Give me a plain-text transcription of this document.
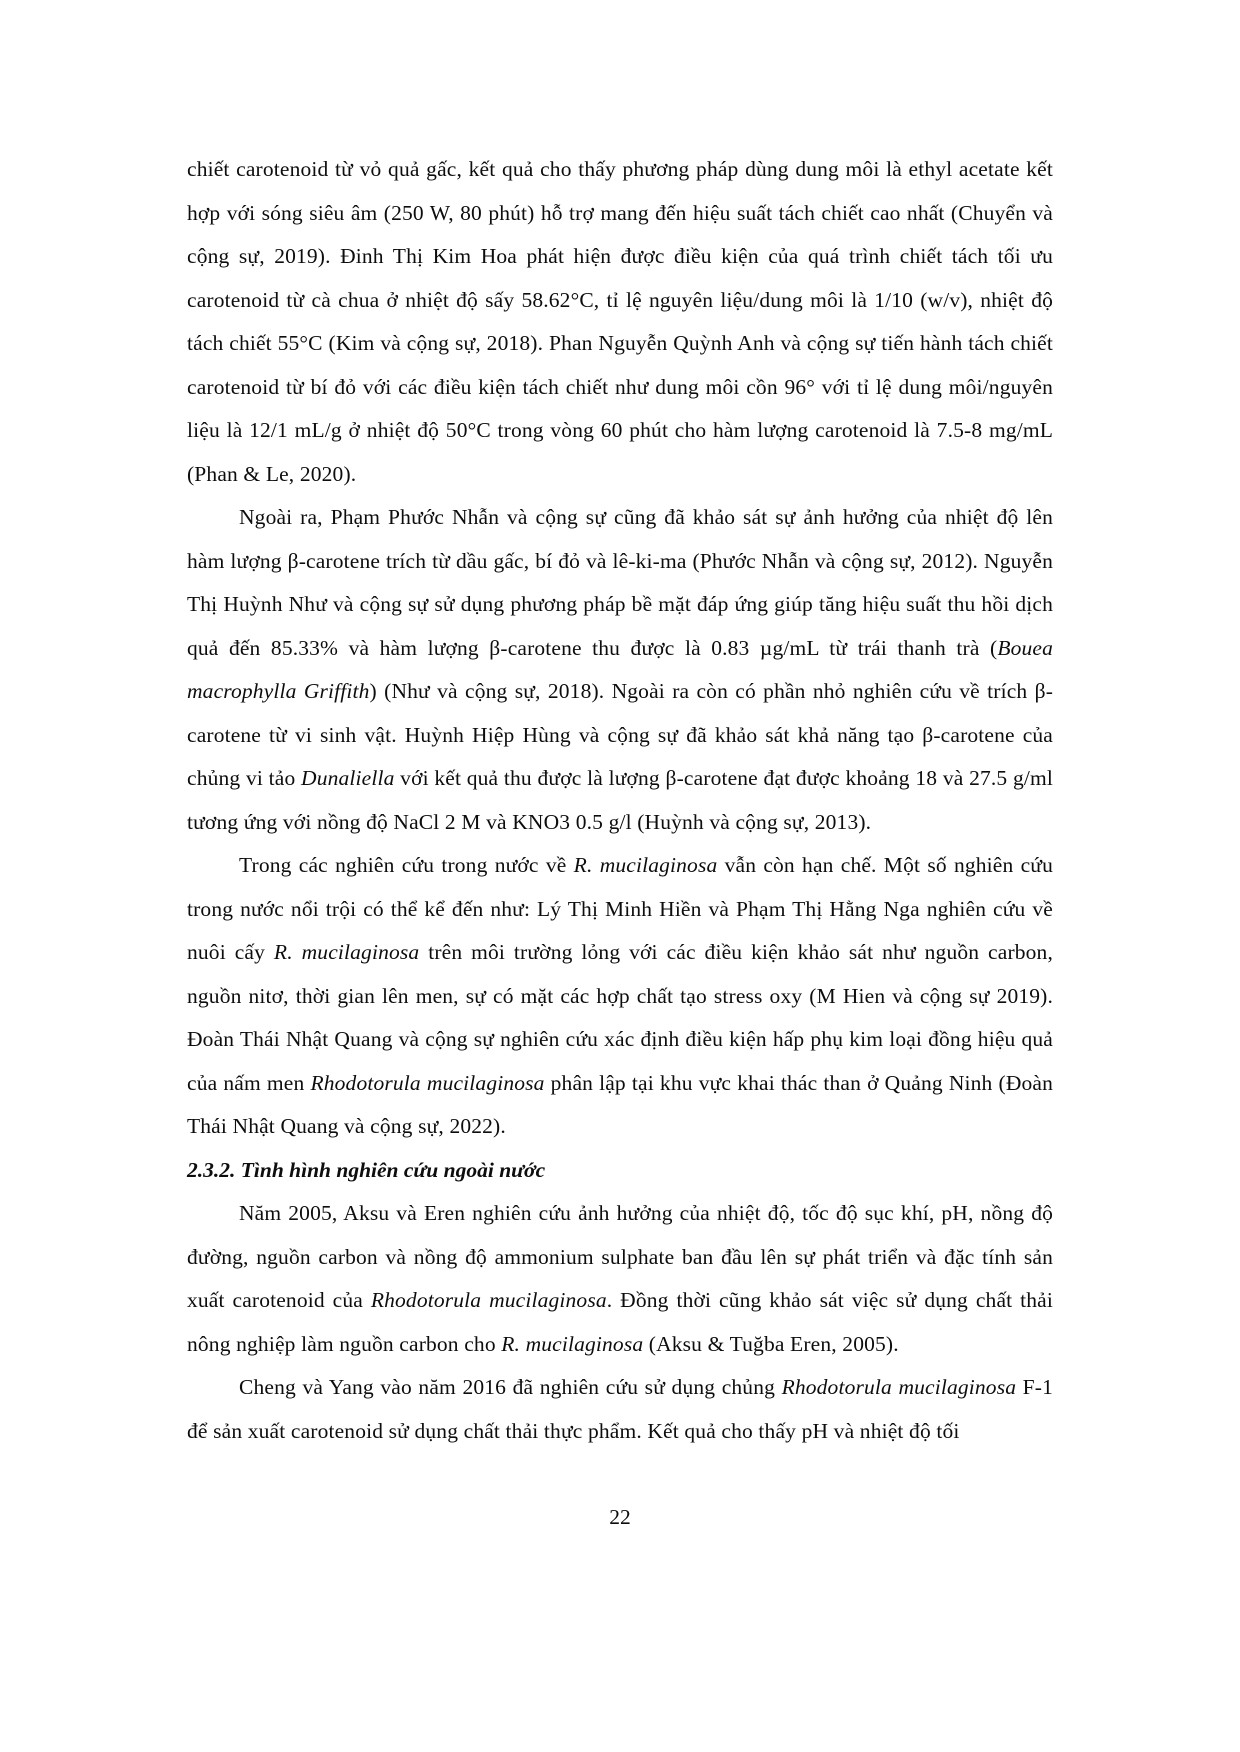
chiết carotenoid từ vỏ quả gấc, kết quả cho thấy phương pháp dùng dung môi là ethyl acetate kết hợp với sóng siêu âm (250 W, 80 phút) hỗ trợ mang đến hiệu suất tách chiết cao nhất (Chuyển và cộng sự, 2019). Đinh Thị Kim Hoa phát hiện được điều kiện của quá trình chiết tách tối ưu carotenoid từ cà chua ở nhiệt độ sấy 58.62°C, tỉ lệ nguyên liệu/dung môi là 1/10 (w/v), nhiệt độ tách chiết 55°C (Kim và cộng sự, 2018). Phan Nguyễn Quỳnh Anh và cộng sự tiến hành tách chiết carotenoid từ bí đỏ với các điều kiện tách chiết như dung môi cồn 96° với tỉ lệ dung môi/nguyên liệu là 12/1 mL/g ở nhiệt độ 50°C trong vòng 60 phút cho hàm lượng carotenoid là 7.5-8 mg/mL (Phan & Le, 2020).

Ngoài ra, Phạm Phước Nhẫn và cộng sự cũng đã khảo sát sự ảnh hưởng của nhiệt độ lên hàm lượng β-carotene trích từ dầu gấc, bí đỏ và lê-ki-ma (Phước Nhẫn và cộng sự, 2012). Nguyễn Thị Huỳnh Như và cộng sự sử dụng phương pháp bề mặt đáp ứng giúp tăng hiệu suất thu hồi dịch quả đến 85.33% và hàm lượng β-carotene thu được là 0.83 µg/mL từ trái thanh trà (Bouea macrophylla Griffith) (Như và cộng sự, 2018). Ngoài ra còn có phần nhỏ nghiên cứu về trích β-carotene từ vi sinh vật. Huỳnh Hiệp Hùng và cộng sự đã khảo sát khả năng tạo β-carotene của chủng vi tảo Dunaliella với kết quả thu được là lượng β-carotene đạt được khoảng 18 và 27.5 g/ml tương ứng với nồng độ NaCl 2 M và KNO3 0.5 g/l (Huỳnh và cộng sự, 2013).

Trong các nghiên cứu trong nước về R. mucilaginosa vẫn còn hạn chế. Một số nghiên cứu trong nước nổi trội có thể kể đến như: Lý Thị Minh Hiền và Phạm Thị Hằng Nga nghiên cứu về nuôi cấy R. mucilaginosa trên môi trường lỏng với các điều kiện khảo sát như nguồn carbon, nguồn nitơ, thời gian lên men, sự có mặt các hợp chất tạo stress oxy (M Hien và cộng sự 2019). Đoàn Thái Nhật Quang và cộng sự nghiên cứu xác định điều kiện hấp phụ kim loại đồng hiệu quả của nấm men Rhodotorula mucilaginosa phân lập tại khu vực khai thác than ở Quảng Ninh (Đoàn Thái Nhật Quang và cộng sự, 2022).

2.3.2. Tình hình nghiên cứu ngoài nước

Năm 2005, Aksu và Eren nghiên cứu ảnh hưởng của nhiệt độ, tốc độ sục khí, pH, nồng độ đường, nguồn carbon và nồng độ ammonium sulphate ban đầu lên sự phát triển và đặc tính sản xuất carotenoid của Rhodotorula mucilaginosa. Đồng thời cũng khảo sát việc sử dụng chất thải nông nghiệp làm nguồn carbon cho R. mucilaginosa (Aksu & Tuğba Eren, 2005).

Cheng và Yang vào năm 2016 đã nghiên cứu sử dụng chủng Rhodotorula mucilaginosa F-1 để sản xuất carotenoid sử dụng chất thải thực phẩm. Kết quả cho thấy pH và nhiệt độ tối

22
